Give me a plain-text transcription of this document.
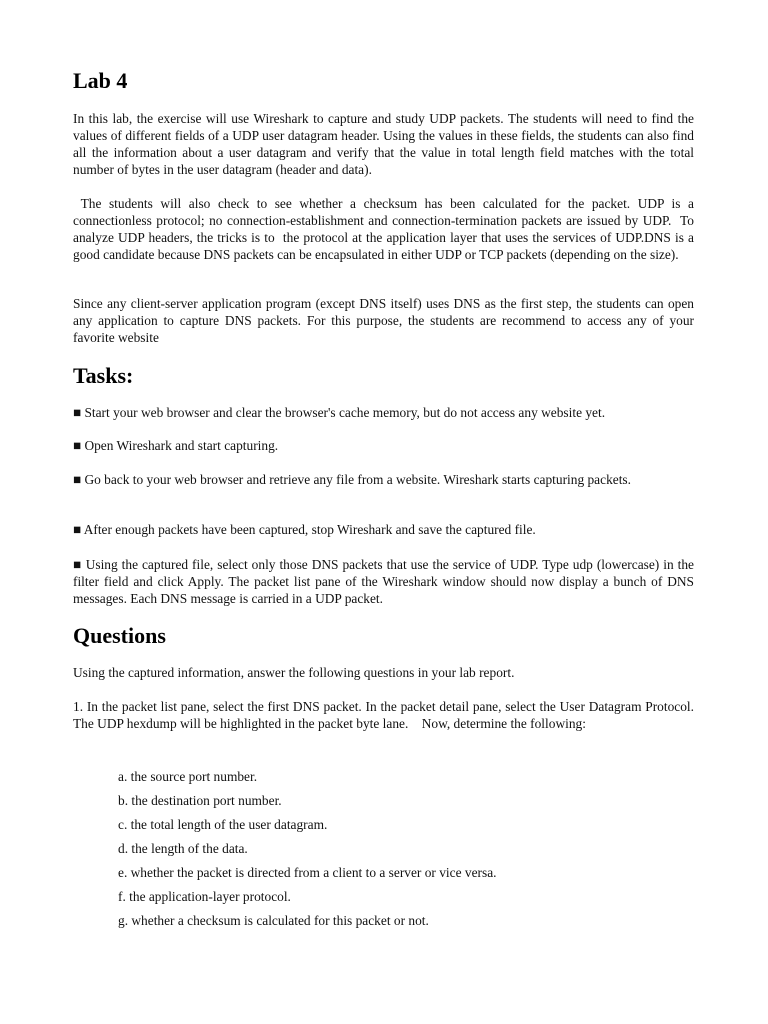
Lab 4

In this lab, the exercise will use Wireshark to capture and study UDP packets. The students will need to find the values of different fields of a UDP user datagram header. Using the values in these fields, the students can also find all the information about a user datagram and verify that the value in total length field matches with the total number of bytes in the user datagram (header and data).

The students will also check to see whether a checksum has been calculated for the packet. UDP is a connectionless protocol; no connection-establishment and connection-termination packets are issued by UDP.  To analyze UDP headers, the tricks is to  the protocol at the application layer that uses the services of UDP.DNS is a good candidate because DNS packets can be encapsulated in either UDP or TCP packets (depending on the size).

Since any client-server application program (except DNS itself) uses DNS as the first step, the students can open any application to capture DNS packets. For this purpose, the students are recommend to access any of your favorite website

Tasks:

■ Start your web browser and clear the browser's cache memory, but do not access any website yet.

■ Open Wireshark and start capturing.

■ Go back to your web browser and retrieve any file from a website. Wireshark starts capturing packets.

■ After enough packets have been captured, stop Wireshark and save the captured file.

■ Using the captured file, select only those DNS packets that use the service of UDP. Type udp (lowercase) in the filter field and click Apply. The packet list pane of the Wireshark window should now display a bunch of DNS messages. Each DNS message is carried in a UDP packet.

Questions

Using the captured information, answer the following questions in your lab report.

1. In the packet list pane, select the first DNS packet. In the packet detail pane, select the User Datagram Protocol. The UDP hexdump will be highlighted in the packet byte lane.    Now, determine the following:

a. the source port number.
b. the destination port number.
c. the total length of the user datagram.
d. the length of the data.
e. whether the packet is directed from a client to a server or vice versa.
f. the application-layer protocol.
g. whether a checksum is calculated for this packet or not.
